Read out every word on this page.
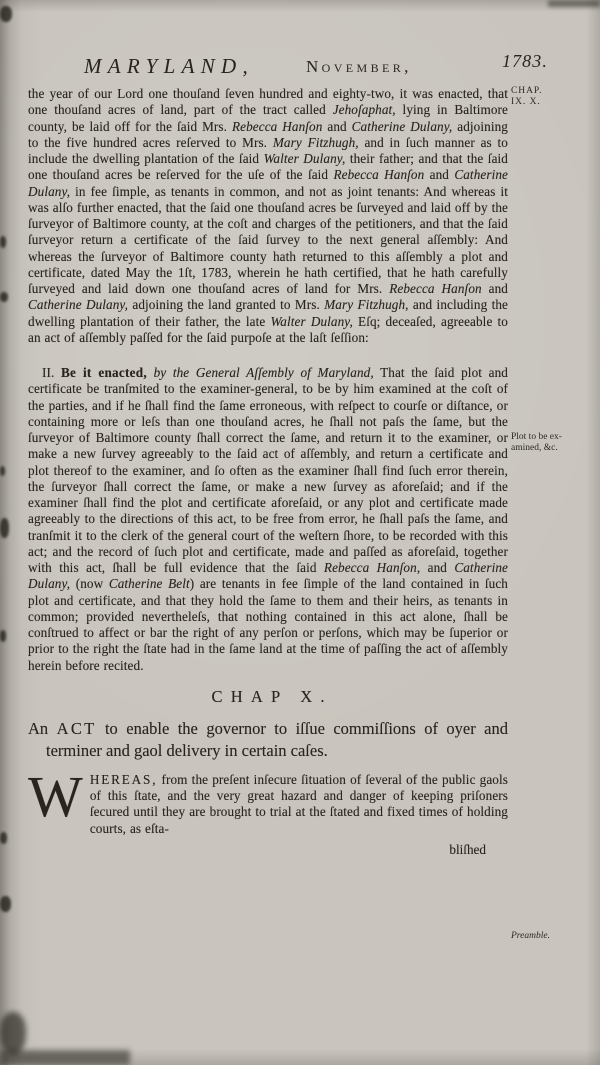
MARYLAND,	November,	1783.
CHAP.
IX. X.
Plot to be ex-
amined, &c.
Preamble.

the year of our Lord one thouſand ſeven hundred and eighty-two, it was enacted, that one thouſand acres of land, part of the tract called Jehoſaphat, lying in Baltimore county, be laid off for the ſaid Mrs. Rebecca Hanſon and Catherine Dulany, adjoining to the five hundred acres reſerved to Mrs. Mary Fitzhugh, and in ſuch manner as to include the dwelling plantation of the ſaid Walter Dulany, their father; and that the ſaid one thouſand acres be reſerved for the uſe of the ſaid Rebecca Hanſon and Catherine Dulany, in fee ſimple, as tenants in common, and not as joint tenants: And whereas it was alſo further enacted, that the ſaid one thouſand acres be ſurveyed and laid off by the ſurveyor of Baltimore county, at the coſt and charges of the petitioners, and that the ſaid ſurveyor return a certificate of the ſaid ſurvey to the next general aſſembly: And whereas the ſurveyor of Baltimore county hath returned to this aſſembly a plot and certificate, dated May the 1ſt, 1783, wherein he hath certified, that he hath carefully ſurveyed and laid down one thouſand acres of land for Mrs. Rebecca Hanſon and Catherine Dulany, adjoining the land granted to Mrs. Mary Fitzhugh, and including the dwelling plantation of their father, the late Walter Dulany, Eſq; deceaſed, agreeable to an act of aſſembly paſſed for the ſaid purpoſe at the laſt ſeſſion:

II. Be it enacted, by the General Aſſembly of Maryland, That the ſaid plot and certificate be tranſmited to the examiner-general, to be by him examined at the coſt of the parties, and if he ſhall find the ſame erroneous, with reſpect to courſe or diſtance, or containing more or leſs than one thouſand acres, he ſhall not paſs the ſame, but the ſurveyor of Baltimore county ſhall correct the ſame, and return it to the examiner, or make a new ſurvey agreeably to the ſaid act of aſſembly, and return a certificate and plot thereof to the examiner, and ſo often as the examiner ſhall find ſuch error therein, the ſurveyor ſhall correct the ſame, or make a new ſurvey as aforeſaid; and if the examiner ſhall find the plot and certificate aforeſaid, or any plot and certificate made agreeably to the directions of this act, to be free from error, he ſhall paſs the ſame, and tranſmit it to the clerk of the general court of the weſtern ſhore, to be recorded with this act; and the record of ſuch plot and certificate, made and paſſed as aforeſaid, together with this act, ſhall be full evidence that the ſaid Rebecca Hanſon, and Catherine Dulany, (now Catherine Belt) are tenants in fee ſimple of the land contained in ſuch plot and certificate, and that they hold the ſame to them and their heirs, as tenants in common; provided nevertheleſs, that nothing contained in this act alone, ſhall be conſtrued to affect or bar the right of any perſon or perſons, which may be ſuperior or prior to the right the ſtate had in the ſame land at the time of paſſing the act of aſſembly herein before recited.

CHAP X.

An ACT to enable the governor to iſſue commiſſions of oyer and terminer and gaol delivery in certain caſes.

W HEREAS, from the preſent inſecure ſituation of ſeveral of the public gaols of this ſtate, and the very great hazard and danger of keeping priſoners ſecured until they are brought to trial at the ſtated and fixed times of holding courts, as eſta-

bliſhed
